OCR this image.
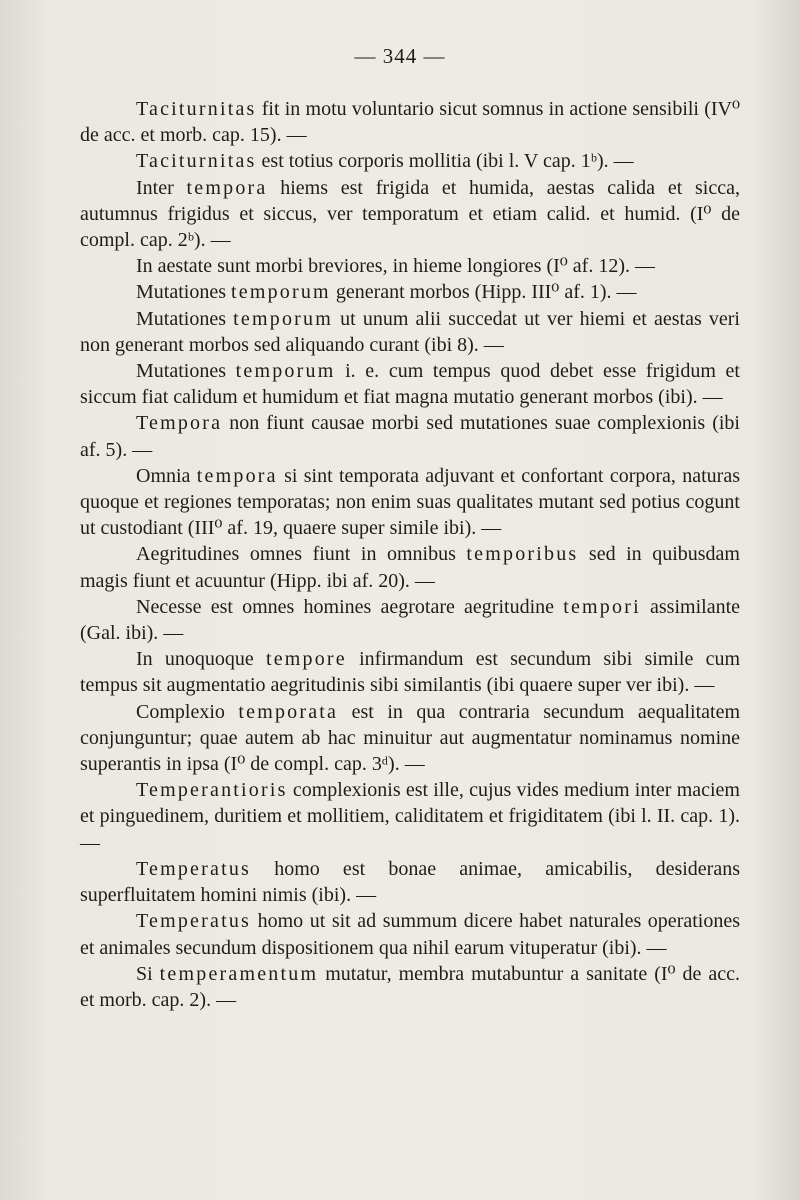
— 344 —

Taciturnitas fit in motu voluntario sicut somnus in actione sensibili (IV⁰ de acc. et morb. cap. 15). —

Taciturnitas est totius corporis mollitia (ibi l. V cap. 1ᵇ). —

Inter tempora hiems est frigida et humida, aestas calida et sicca, autumnus frigidus et siccus, ver temporatum et etiam calid. et humid. (I⁰ de compl. cap. 2ᵇ). —

In aestate sunt morbi breviores, in hieme longiores (I⁰ af. 12). —

Mutationes temporum generant morbos (Hipp. III⁰ af. 1). —

Mutationes temporum ut unum alii succedat ut ver hiemi et aestas veri non generant morbos sed aliquando curant (ibi 8). —

Mutationes temporum i. e. cum tempus quod debet esse frigidum et siccum fiat calidum et humidum et fiat magna mutatio generant morbos (ibi). —

Tempora non fiunt causae morbi sed mutationes suae complexionis (ibi af. 5). —

Omnia tempora si sint temporata adjuvant et confortant corpora, naturas quoque et regiones temporatas; non enim suas qualitates mutant sed potius cogunt ut custodiant (III⁰ af. 19, quaere super simile ibi). —

Aegritudines omnes fiunt in omnibus temporibus sed in quibusdam magis fiunt et acuuntur (Hipp. ibi af. 20). —

Necesse est omnes homines aegrotare aegritudine tempori assimilante (Gal. ibi). —

In unoquoque tempore infirmandum est secundum sibi simile cum tempus sit augmentatio aegritudinis sibi similantis (ibi quaere super ver ibi). —

Complexio temporata est in qua contraria secundum aequalitatem conjunguntur; quae autem ab hac minuitur aut augmentatur nominamus nomine superantis in ipsa (I⁰ de compl. cap. 3ᵈ). —

Temperantioris complexionis est ille, cujus vides medium inter maciem et pinguedinem, duritiem et mollitiem, caliditatem et frigiditatem (ibi l. II. cap. 1). —

Temperatus homo est bonae animae, amicabilis, desiderans superfluitatem homini nimis (ibi). —

Temperatus homo ut sit ad summum dicere habet naturales operationes et animales secundum dispositionem qua nihil earum vituperatur (ibi). —

Si temperamentum mutatur, membra mutabuntur a sanitate (I⁰ de acc. et morb. cap. 2). —
